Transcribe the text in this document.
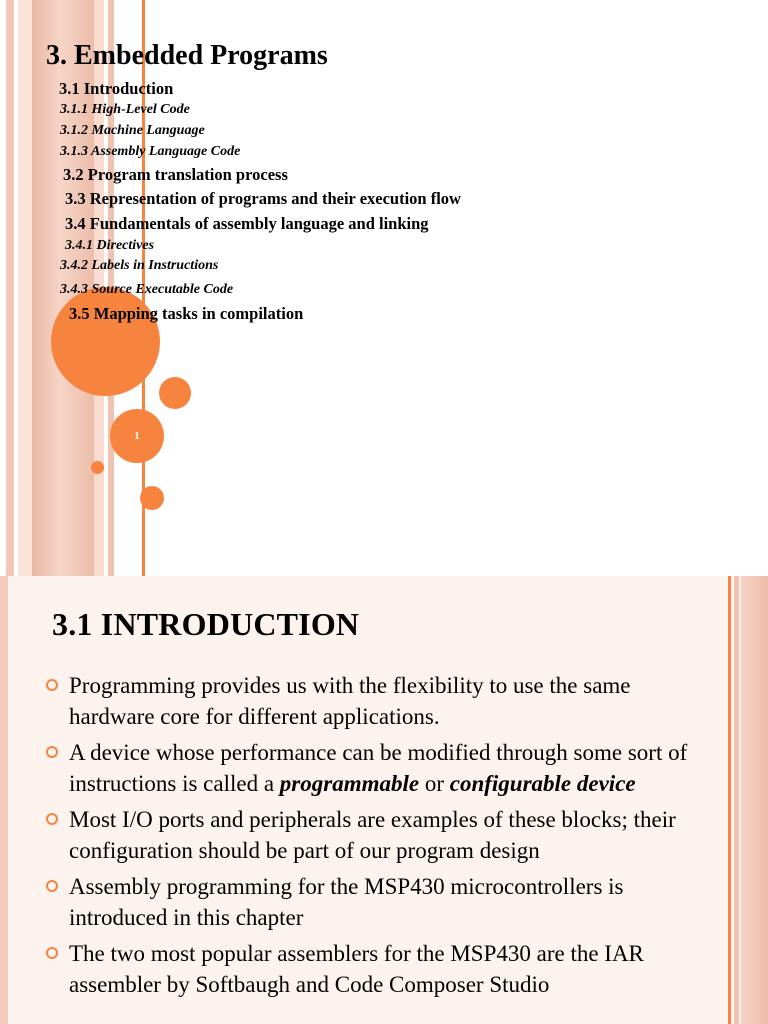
1
3. Embedded Programs

3.1 Introduction

3.1.1 High-Level Code

3.1.2 Machine Language

3.1.3 Assembly Language Code

3.2 Program translation process

3.3 Representation of programs and their execution flow

3.4 Fundamentals of assembly language and linking

3.4.1 Directives

3.4.2 Labels in Instructions

3.4.3 Source Executable Code

3.5 Mapping tasks in compilation

3.1 INTRODUCTION
Programming provides us with the flexibility to use the same hardware core for different applications.
A device whose performance can be modified through some sort of instructions is called a programmable or configurable device
Most I/O ports and peripherals are examples of these blocks; their configuration should be part of our program design
Assembly programming for the MSP430 microcontrollers is introduced in this chapter
The two most popular assemblers for the MSP430 are the IAR assembler by Softbaugh and Code Composer Studio
